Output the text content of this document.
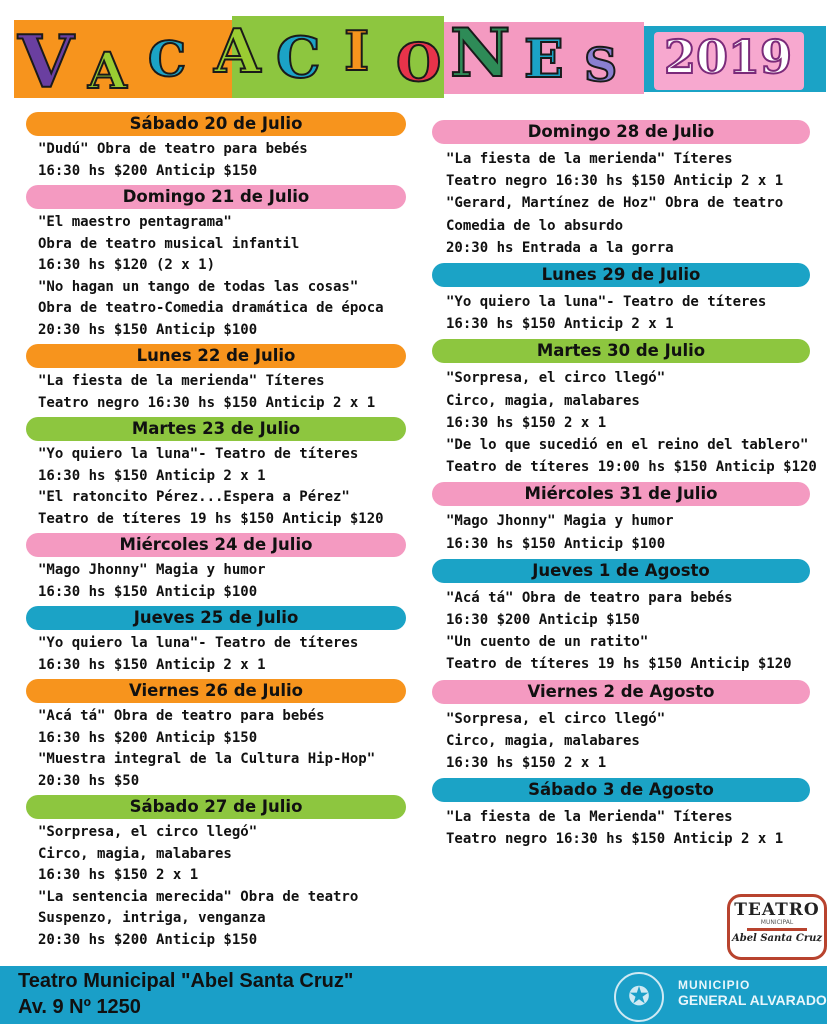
V A C A C I O N E S 2019
Sábado 20 de Julio
"Dudú" Obra de teatro para bebés
16:30 hs $200 Anticip $150
Domingo 21 de Julio
"El maestro pentagrama"
Obra de teatro musical infantil
16:30 hs $120 (2 x 1)
"No hagan un tango de todas las cosas"
Obra de teatro-Comedia dramática de época
20:30 hs $150 Anticip $100
Lunes 22 de Julio
"La fiesta de la merienda" Títeres
Teatro negro 16:30 hs $150 Anticip 2 x 1
Martes 23 de Julio
"Yo quiero la luna"- Teatro de títeres
16:30 hs $150 Anticip 2 x 1
"El ratoncito Pérez...Espera a Pérez"
Teatro de títeres 19 hs $150 Anticip $120
Miércoles 24 de Julio
"Mago Jhonny" Magia y humor
16:30 hs $150 Anticip $100
Jueves 25 de Julio
"Yo quiero la luna"- Teatro de títeres
16:30 hs $150 Anticip 2 x 1
Viernes 26 de Julio
"Acá tá" Obra de teatro para bebés
16:30 hs $200 Anticip $150
"Muestra integral de la Cultura Hip-Hop"
20:30 hs $50
Sábado 27 de Julio
"Sorpresa, el circo llegó"
Circo, magia, malabares
16:30 hs $150 2 x 1
"La sentencia merecida" Obra de teatro
Suspenzo, intriga, venganza
20:30 hs $200 Anticip $150
Domingo 28 de Julio
"La fiesta de la merienda" Títeres
Teatro negro 16:30 hs $150 Anticip 2 x 1
"Gerard, Martínez de Hoz" Obra de teatro
Comedia de lo absurdo
20:30 hs Entrada a la gorra
Lunes 29 de Julio
"Yo quiero la luna"- Teatro de títeres
16:30 hs $150 Anticip 2 x 1
Martes 30 de Julio
"Sorpresa, el circo llegó"
Circo, magia, malabares
16:30 hs $150 2 x 1
"De lo que sucedió en el reino del tablero"
Teatro de títeres 19:00 hs $150 Anticip $120
Miércoles 31 de Julio
"Mago Jhonny" Magia y humor
16:30 hs $150 Anticip $100
Jueves 1 de Agosto
"Acá tá" Obra de teatro para bebés
16:30 $200 Anticip $150
"Un cuento de un ratito"
Teatro de títeres 19 hs $150 Anticip $120
Viernes 2 de Agosto
"Sorpresa, el circo llegó"
Circo, magia, malabares
16:30 hs $150 2 x 1
Sábado 3 de Agosto
"La fiesta de la Merienda" Títeres
Teatro negro 16:30 hs $150 Anticip 2 x 1
TEATRO
MUNICIPAL
Abel Santa Cruz
Teatro Municipal "Abel Santa Cruz"
Av. 9 Nº 1250	✪	MUNICIPIO
GENERAL ALVARADO
